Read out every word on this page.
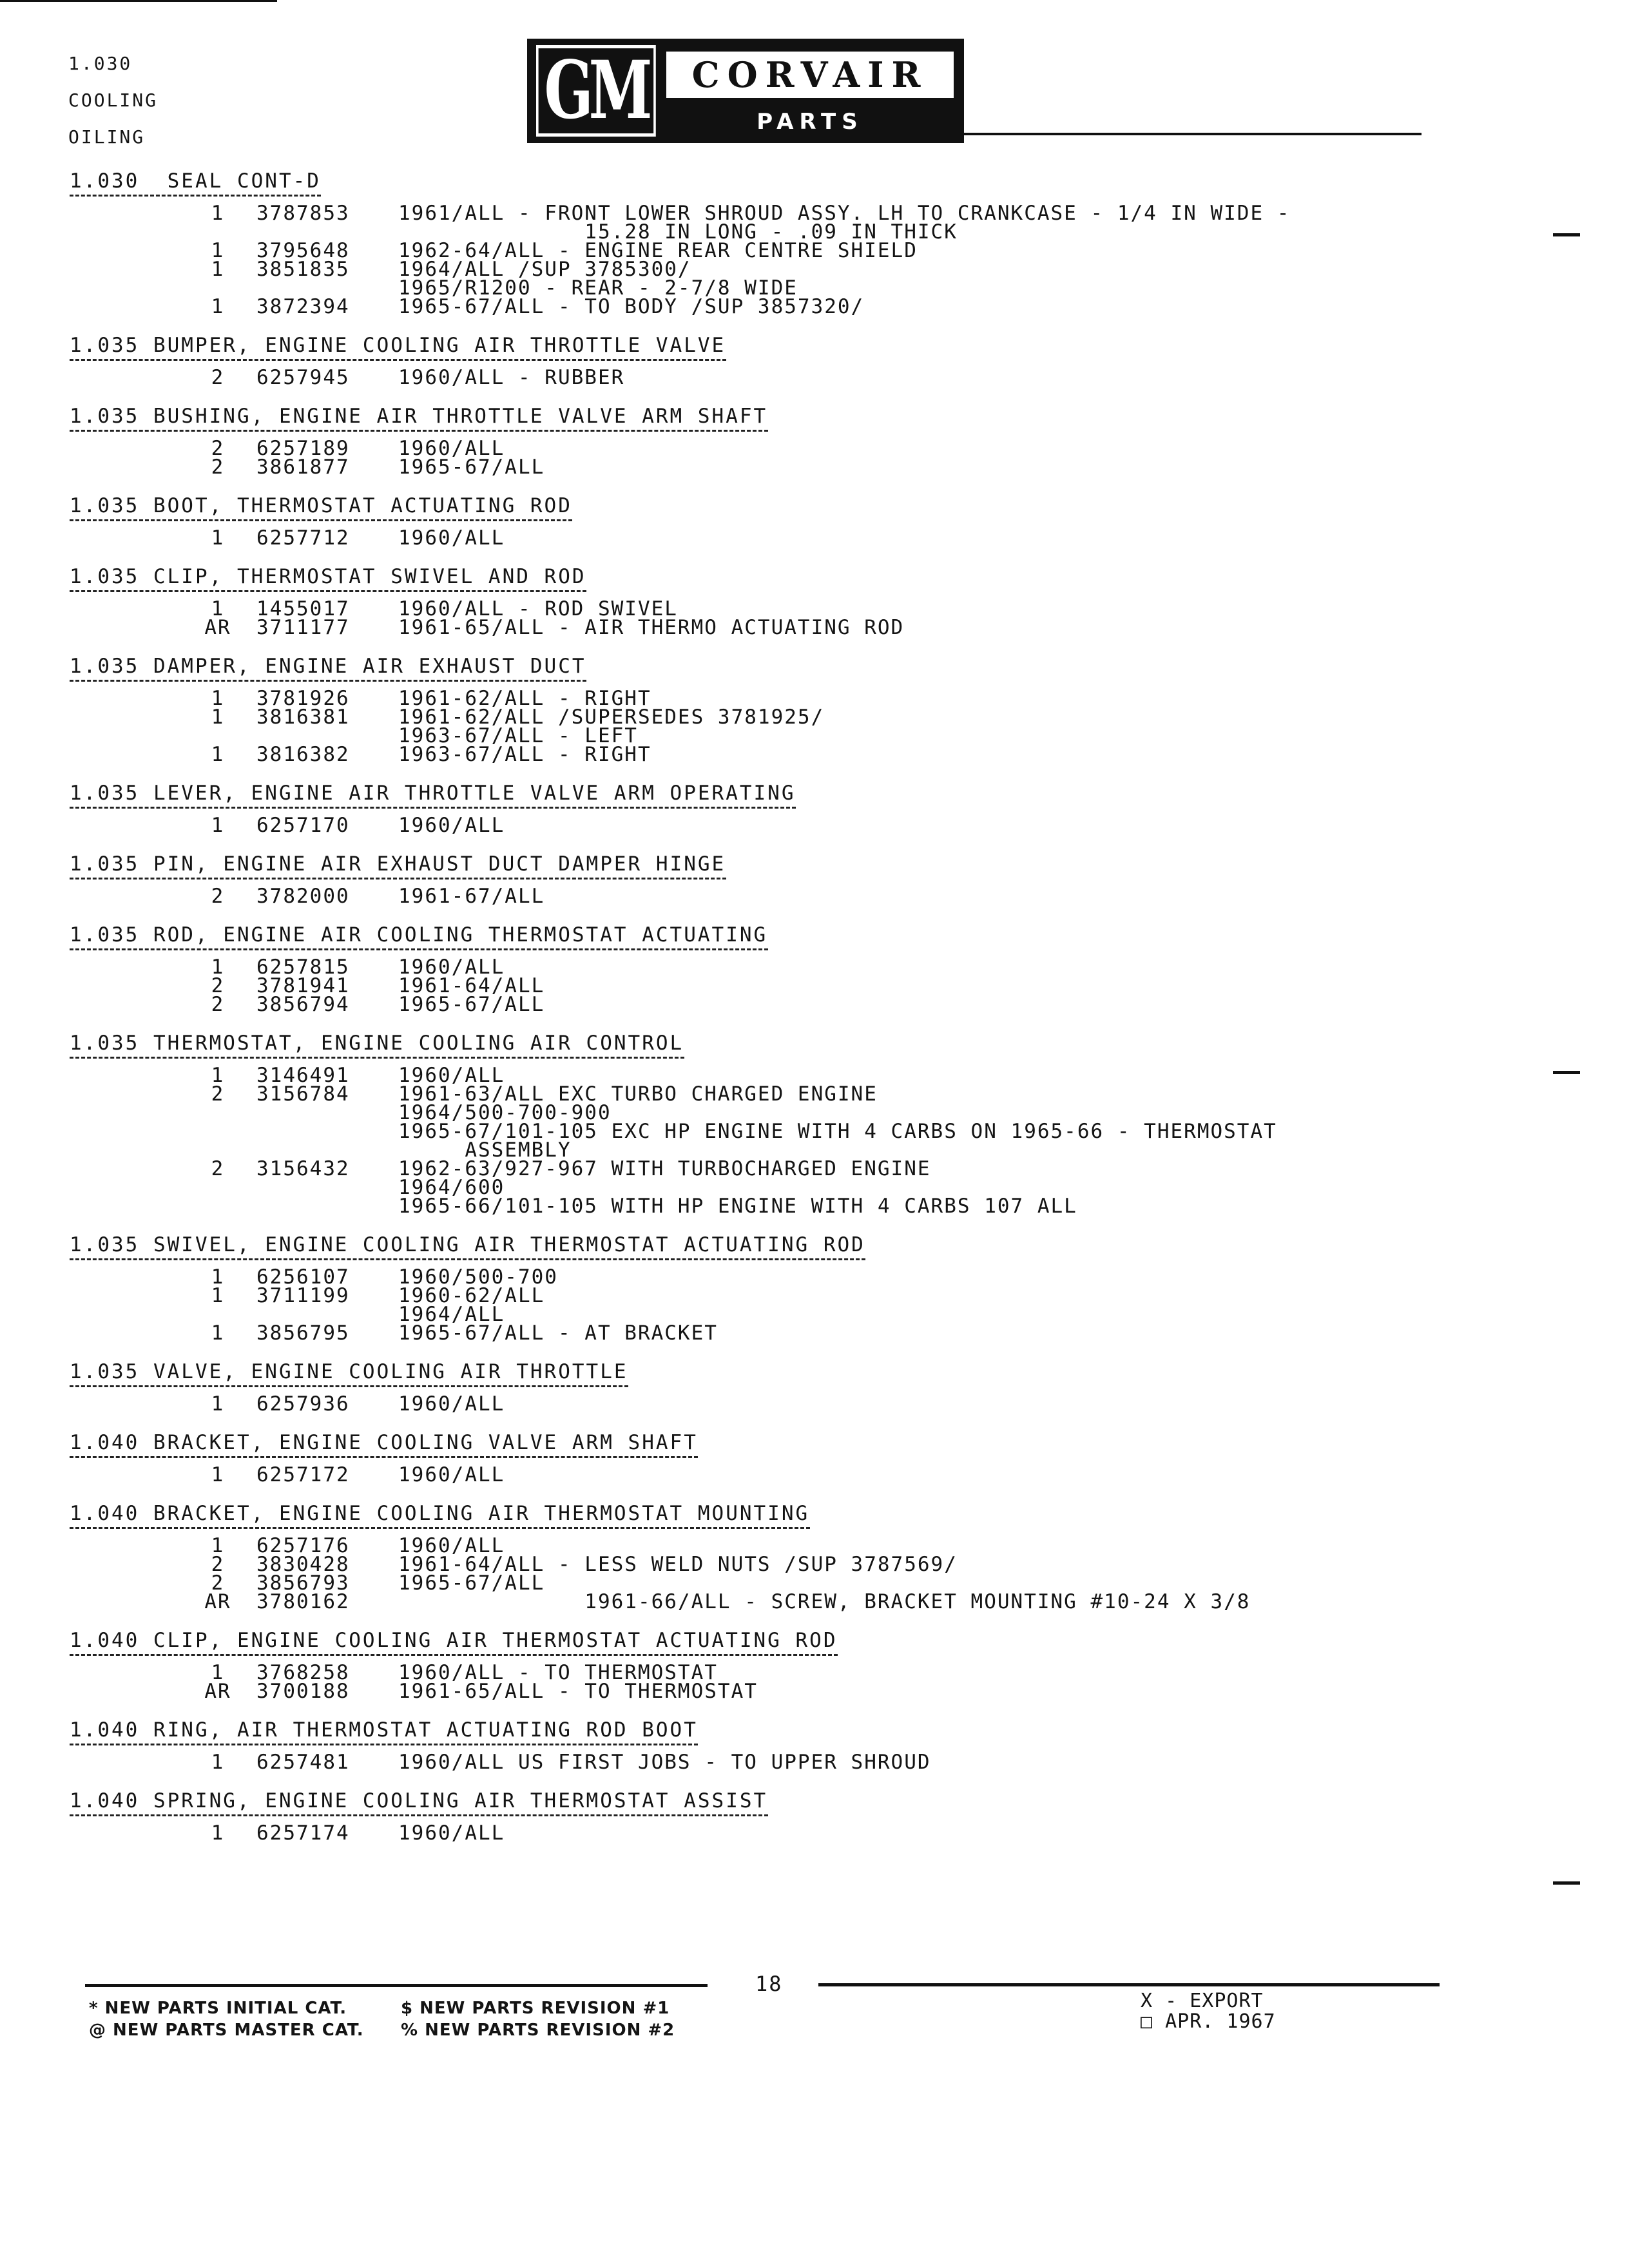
1.030
COOLING
OILING	GM	CORVAIR
PARTS CATALOGUE
1.030  SEAL CONT-D
1	3787853	1961/ALL - FRONT LOWER SHROUD ASSY. LH TO CRANKCASE - 1/4 IN WIDE -
15.28 IN LONG - .09 IN THICK
1	3795648	1962-64/ALL - ENGINE REAR CENTRE SHIELD
1	3851835	1964/ALL /SUP 3785300/
1965/R1200 - REAR - 2-7/8 WIDE
1	3872394	1965-67/ALL - TO BODY /SUP 3857320/
1.035 BUMPER, ENGINE COOLING AIR THROTTLE VALVE
2	6257945	1960/ALL - RUBBER
1.035 BUSHING, ENGINE AIR THROTTLE VALVE ARM SHAFT
2	6257189	1960/ALL
2	3861877	1965-67/ALL
1.035 BOOT, THERMOSTAT ACTUATING ROD
1	6257712	1960/ALL
1.035 CLIP, THERMOSTAT SWIVEL AND ROD
1	1455017	1960/ALL - ROD SWIVEL
AR	3711177	1961-65/ALL - AIR THERMO ACTUATING ROD
1.035 DAMPER, ENGINE AIR EXHAUST DUCT
1	3781926	1961-62/ALL - RIGHT
1	3816381	1961-62/ALL /SUPERSEDES 3781925/
1963-67/ALL - LEFT
1	3816382	1963-67/ALL - RIGHT
1.035 LEVER, ENGINE AIR THROTTLE VALVE ARM OPERATING
1	6257170	1960/ALL
1.035 PIN, ENGINE AIR EXHAUST DUCT DAMPER HINGE
2	3782000	1961-67/ALL
1.035 ROD, ENGINE AIR COOLING THERMOSTAT ACTUATING
1	6257815	1960/ALL
2	3781941	1961-64/ALL
2	3856794	1965-67/ALL
1.035 THERMOSTAT, ENGINE COOLING AIR CONTROL
1	3146491	1960/ALL
2	3156784	1961-63/ALL EXC TURBO CHARGED ENGINE
1964/500-700-900
1965-67/101-105 EXC HP ENGINE WITH 4 CARBS ON 1965-66 - THERMOSTAT
ASSEMBLY
2	3156432	1962-63/927-967 WITH TURBOCHARGED ENGINE
1964/600
1965-66/101-105 WITH HP ENGINE WITH 4 CARBS 107 ALL
1.035 SWIVEL, ENGINE COOLING AIR THERMOSTAT ACTUATING ROD
1	6256107	1960/500-700
1	3711199	1960-62/ALL
1964/ALL
1	3856795	1965-67/ALL - AT BRACKET
1.035 VALVE, ENGINE COOLING AIR THROTTLE
1	6257936	1960/ALL
1.040 BRACKET, ENGINE COOLING VALVE ARM SHAFT
1	6257172	1960/ALL
1.040 BRACKET, ENGINE COOLING AIR THERMOSTAT MOUNTING
1	6257176	1960/ALL
2	3830428	1961-64/ALL - LESS WELD NUTS /SUP 3787569/
2	3856793	1965-67/ALL
AR	3780162	1961-66/ALL - SCREW, BRACKET MOUNTING #10-24 X 3/8
1.040 CLIP, ENGINE COOLING AIR THERMOSTAT ACTUATING ROD
1	3768258	1960/ALL - TO THERMOSTAT
AR	3700188	1961-65/ALL - TO THERMOSTAT
1.040 RING, AIR THERMOSTAT ACTUATING ROD BOOT
1	6257481	1960/ALL US FIRST JOBS - TO UPPER SHROUD
1.040 SPRING, ENGINE COOLING AIR THERMOSTAT ASSIST
1	6257174	1960/ALL
18
* NEW PARTS INITIAL CAT.
@ NEW PARTS MASTER CAT.
$ NEW PARTS REVISION #1
% NEW PARTS REVISION #2
X - EXPORT
□ APR. 1967
